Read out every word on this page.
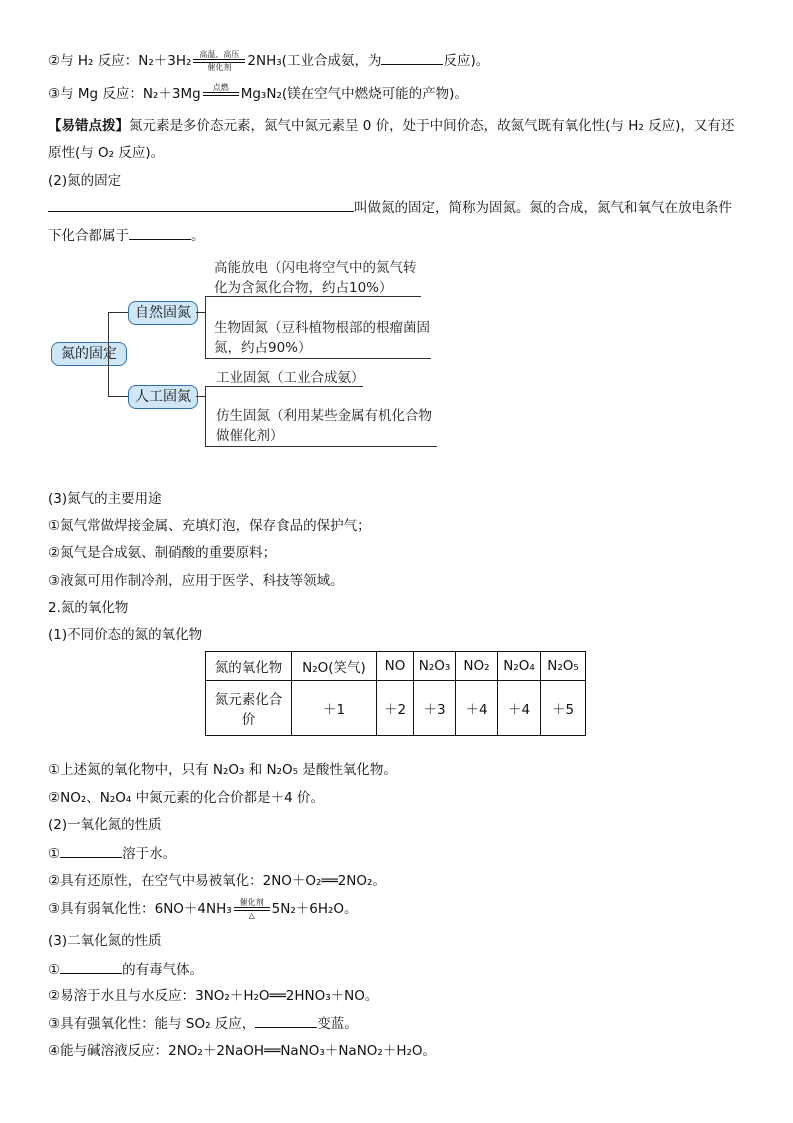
②与 H₂ 反应：N₂＋3H₂	高温、高压
催化剂	2NH₃(工业合成氨，为	反应)。
③与 Mg 反应：N₂＋3Mg	点燃
Mg₃N₂(镁在空气中燃烧可能的产物)。
【易错点拨】氮元素是多价态元素，氮气中氮元素呈 0 价，处于中间价态，故氮气既有氧化性(与 H₂ 反应)，又有还
原性(与 O₂ 反应)。
(2)氮的固定
叫做氮的固定，简称为固氮。氮的合成，氮气和氧气在放电条件
下化合都属于	。
氮的固定
自然固氮
人工固氮
高能放电（闪电将空气中的氮气转
化为含氮化合物，约占10%）
生物固氮（豆科植物根部的根瘤菌固
氮，约占90%）
工业固氮（工业合成氨）
仿生固氮（利用某些金属有机化合物
做催化剂）
(3)氮气的主要用途
①氮气常做焊接金属、充填灯泡，保存食品的保护气；
②氮气是合成氨、制硝酸的重要原料；
③液氮可用作制冷剂，应用于医学、科技等领域。
2.氮的氧化物
(1)不同价态的氮的氧化物
氮的氧化物	N₂O(笑气)	NO	N₂O₃	NO₂	N₂O₄	N₂O₅
氮元素化合
价	＋1	＋2	＋3	＋4	＋4	＋5
①上述氮的氧化物中，只有 N₂O₃ 和 N₂O₅ 是酸性氧化物。
②NO₂、N₂O₄ 中氮元素的化合价都是＋4 价。
(2)一氧化氮的性质
①	溶于水。
②具有还原性，在空气中易被氧化：2NO＋O₂══2NO₂。
③具有弱氧化性：6NO＋4NH₃	催化剂
△	5N₂＋6H₂O。
(3)二氧化氮的性质
①	的有毒气体。
②易溶于水且与水反应：3NO₂＋H₂O══2HNO₃＋NO。
③具有强氧化性：能与 SO₂ 反应，	变蓝。
④能与碱溶液反应：2NO₂＋2NaOH══NaNO₃＋NaNO₂＋H₂O。
